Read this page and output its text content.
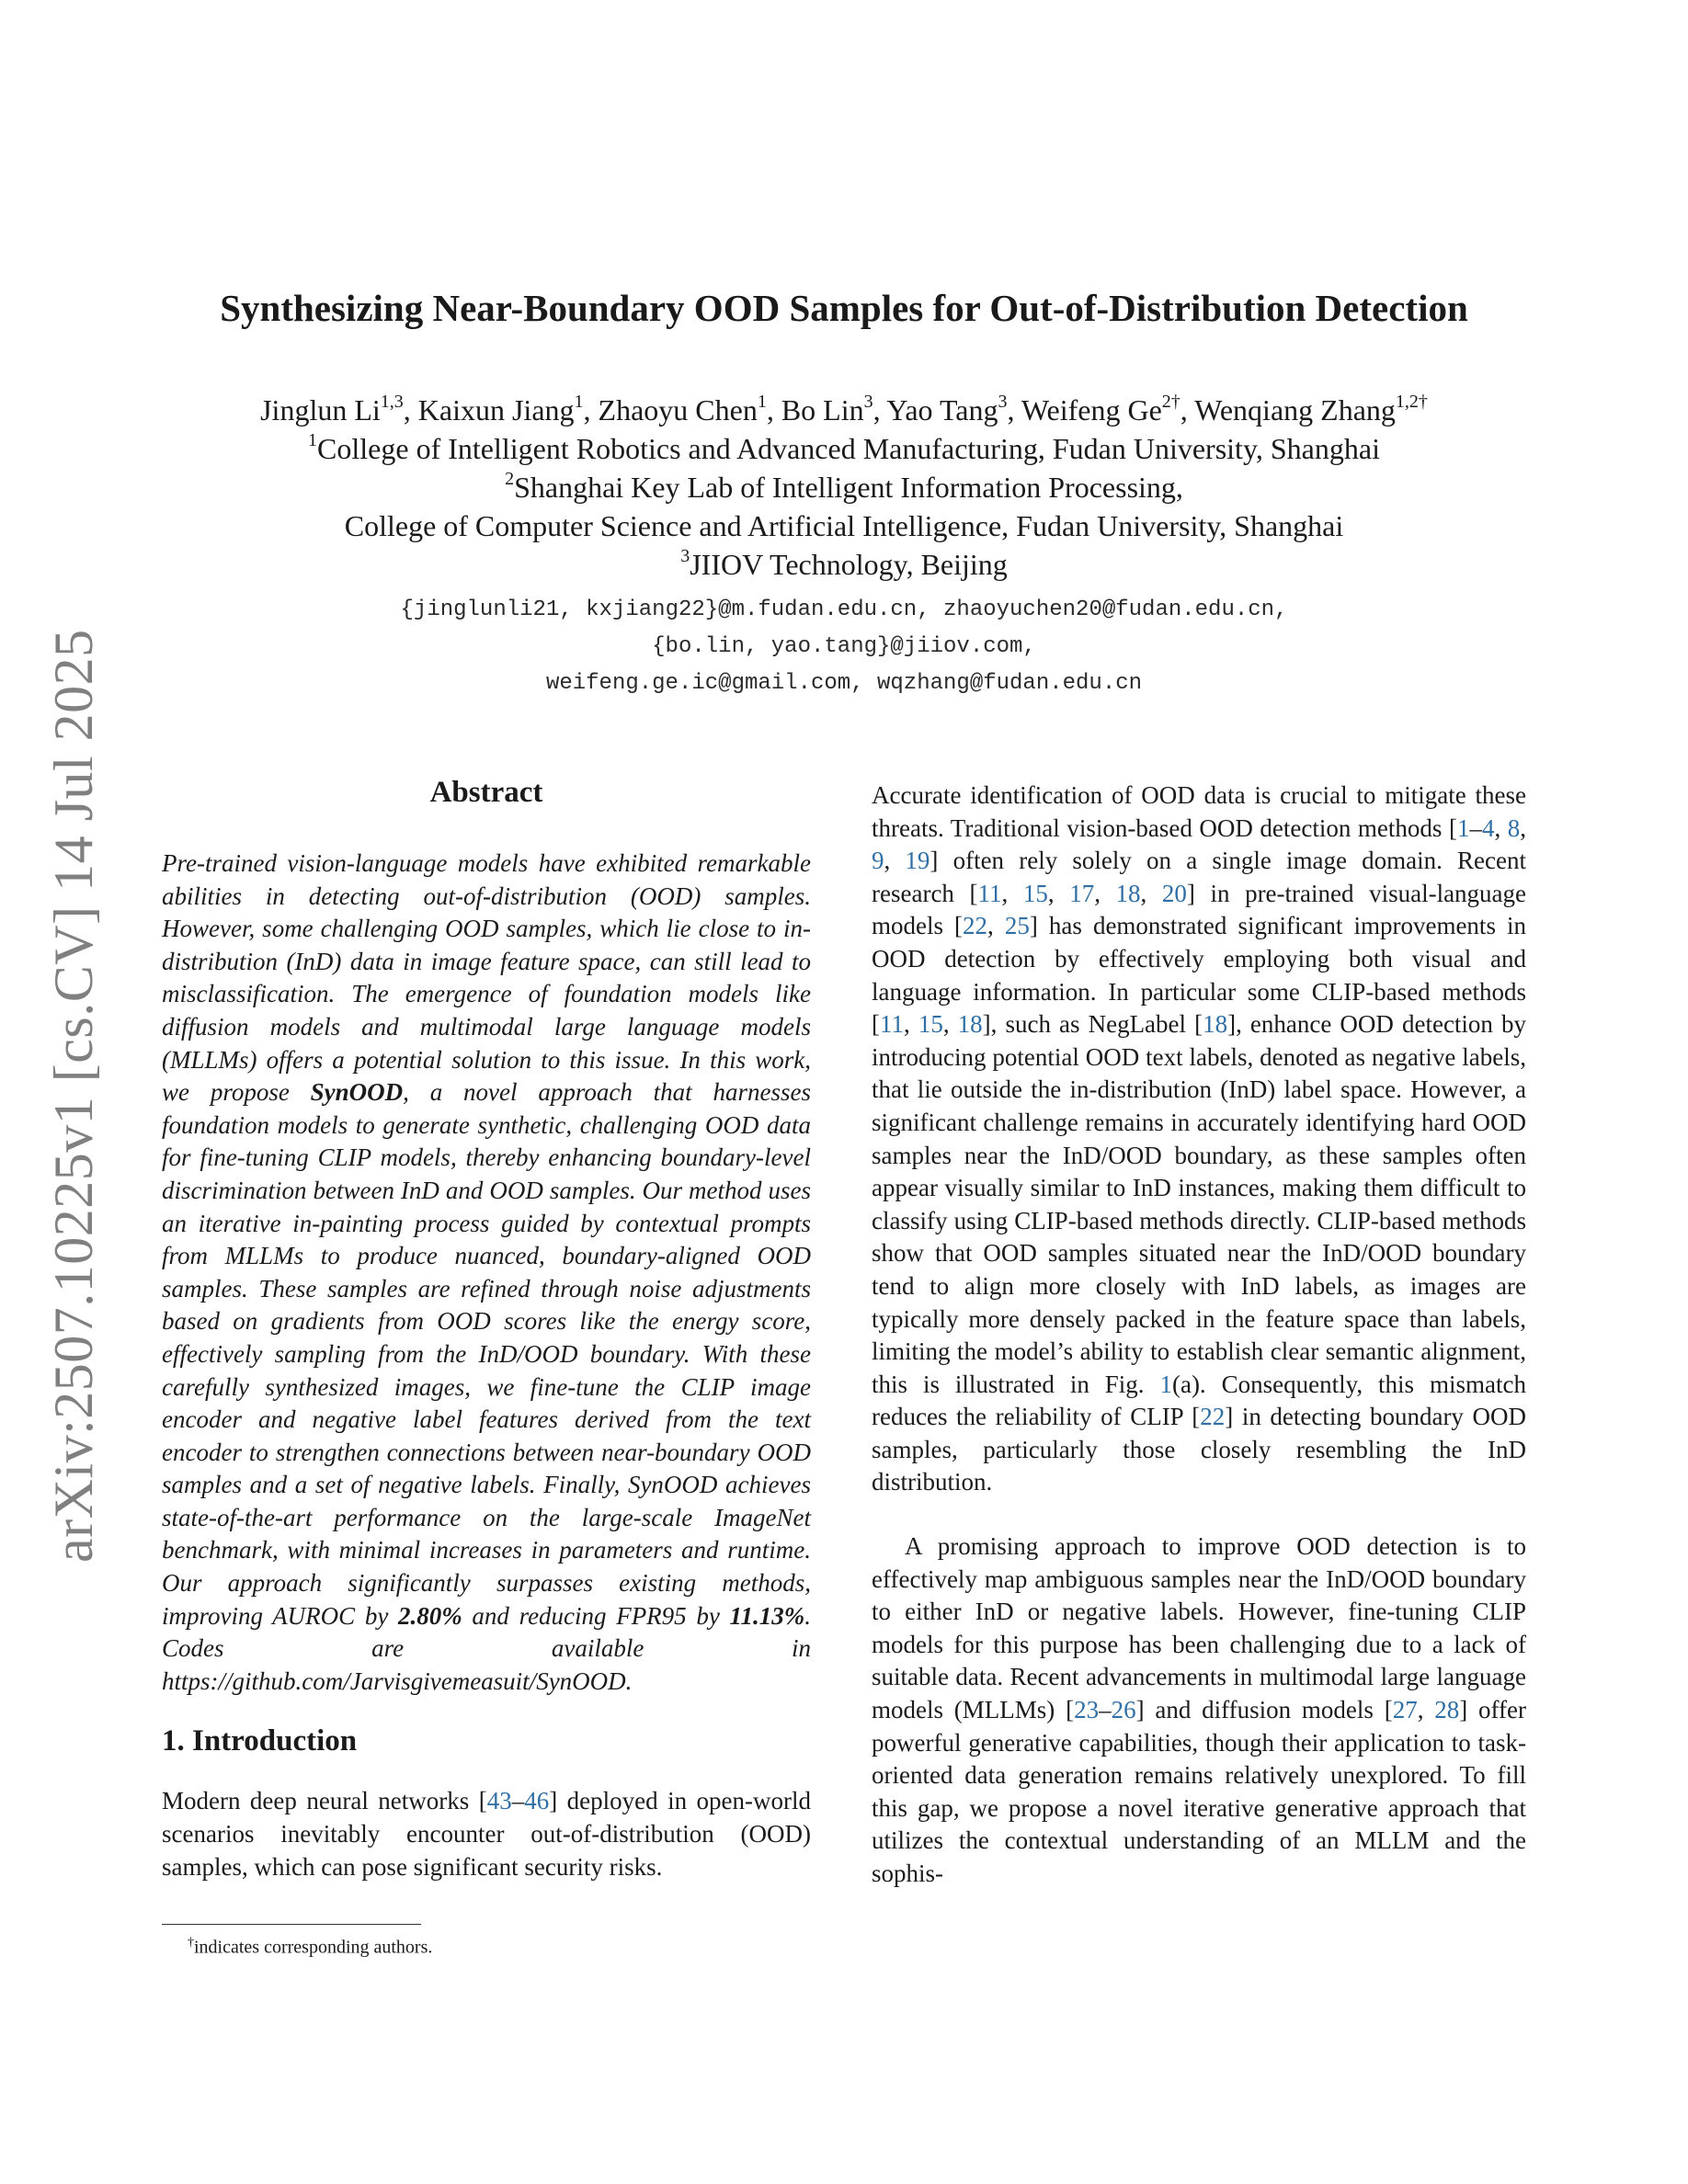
arXiv:2507.10225v1 [cs.CV] 14 Jul 2025
Synthesizing Near-Boundary OOD Samples for Out-of-Distribution Detection
Jinglun Li$^{1,3}$, Kaixun Jiang$^1$, Zhaoyu Chen$^1$, Bo Lin$^3$, Yao Tang$^3$, Weifeng $Ge^{2\dagger}$, Wenqiang Zhang$^{1,2\dagger}$
$^1$College of Intelligent Robotics and Advanced Manufacturing, Fudan University, Shanghai
$^2$Shanghai Key Lab of Intelligent Information Processing,
College of Computer Science and Artificial Intelligence, Fudan University, Shanghai
$^3$JIIOV Technology, Beijing
{jinglunli21, kxjiang22}@m.fudan.edu.cn, zhaoyuchen20@fudan.edu.cn,
{bo.lin, yao.tang}@jiiov.com,
weifeng.ge.ic@gmail.com, wqzhang@fudan.edu.cn
Abstract

Pre-trained vision-language models have exhibited remarkable abilities in detecting out-of-distribution (OOD) samples. However, some challenging OOD samples, which lie close to in-distribution (InD) data in image feature space, can still lead to misclassification. The emergence of foundation models like diffusion models and multimodal large language models (MLLMs) offers a potential solution to this issue. In this work, we propose SynOOD, a novel approach that harnesses foundation models to generate synthetic, challenging OOD data for fine-tuning CLIP models, thereby enhancing boundary-level discrimination between InD and OOD samples. Our method uses an iterative in-painting process guided by contextual prompts from MLLMs to produce nuanced, boundary-aligned OOD samples. These samples are refined through noise adjustments based on gradients from OOD scores like the energy score, effectively sampling from the InD/OOD boundary. With these carefully synthesized images, we fine-tune the CLIP image encoder and negative label features derived from the text encoder to strengthen connections between near-boundary OOD samples and a set of negative labels. Finally, SynOOD achieves state-of-the-art performance on the large-scale ImageNet benchmark, with minimal increases in parameters and runtime. Our approach significantly surpasses existing methods, improving AUROC by 2.80% and reducing FPR95 by 11.13%. Codes are available in https://github.com/Jarvisgivemeasuit/SynOOD.

1. Introduction

Modern deep neural networks [43–46] deployed in open-world scenarios inevitably encounter out-of-distribution (OOD) samples, which can pose significant security risks.

Accurate identification of OOD data is crucial to mitigate these threats. Traditional vision-based OOD detection methods [1–4, 8, 9, 19] often rely solely on a single image domain. Recent research [11, 15, 17, 18, 20] in pre-trained visual-language models [22, 25] has demonstrated significant improvements in OOD detection by effectively employing both visual and language information. In particular some CLIP-based methods [11, 15, 18], such as NegLabel [18], enhance OOD detection by introducing potential OOD text labels, denoted as negative labels, that lie outside the in-distribution (InD) label space. However, a significant challenge remains in accurately identifying hard OOD samples near the InD/OOD boundary, as these samples often appear visually similar to InD instances, making them difficult to classify using CLIP-based methods directly. CLIP-based methods show that OOD samples situated near the InD/OOD boundary tend to align more closely with InD labels, as images are typically more densely packed in the feature space than labels, limiting the model’s ability to establish clear semantic alignment, this is illustrated in Fig. 1(a). Consequently, this mismatch reduces the reliability of CLIP [22] in detecting boundary OOD samples, particularly those closely resembling the InD distribution.

A promising approach to improve OOD detection is to effectively map ambiguous samples near the InD/OOD boundary to either InD or negative labels. However, fine-tuning CLIP models for this purpose has been challenging due to a lack of suitable data. Recent advancements in multimodal large language models (MLLMs) [23–26] and diffusion models [27, 28] offer powerful generative capabilities, though their application to task-oriented data generation remains relatively unexplored. To fill this gap, we propose a novel iterative generative approach that utilizes the contextual understanding of an MLLM and the sophis-

†indicates corresponding authors.
